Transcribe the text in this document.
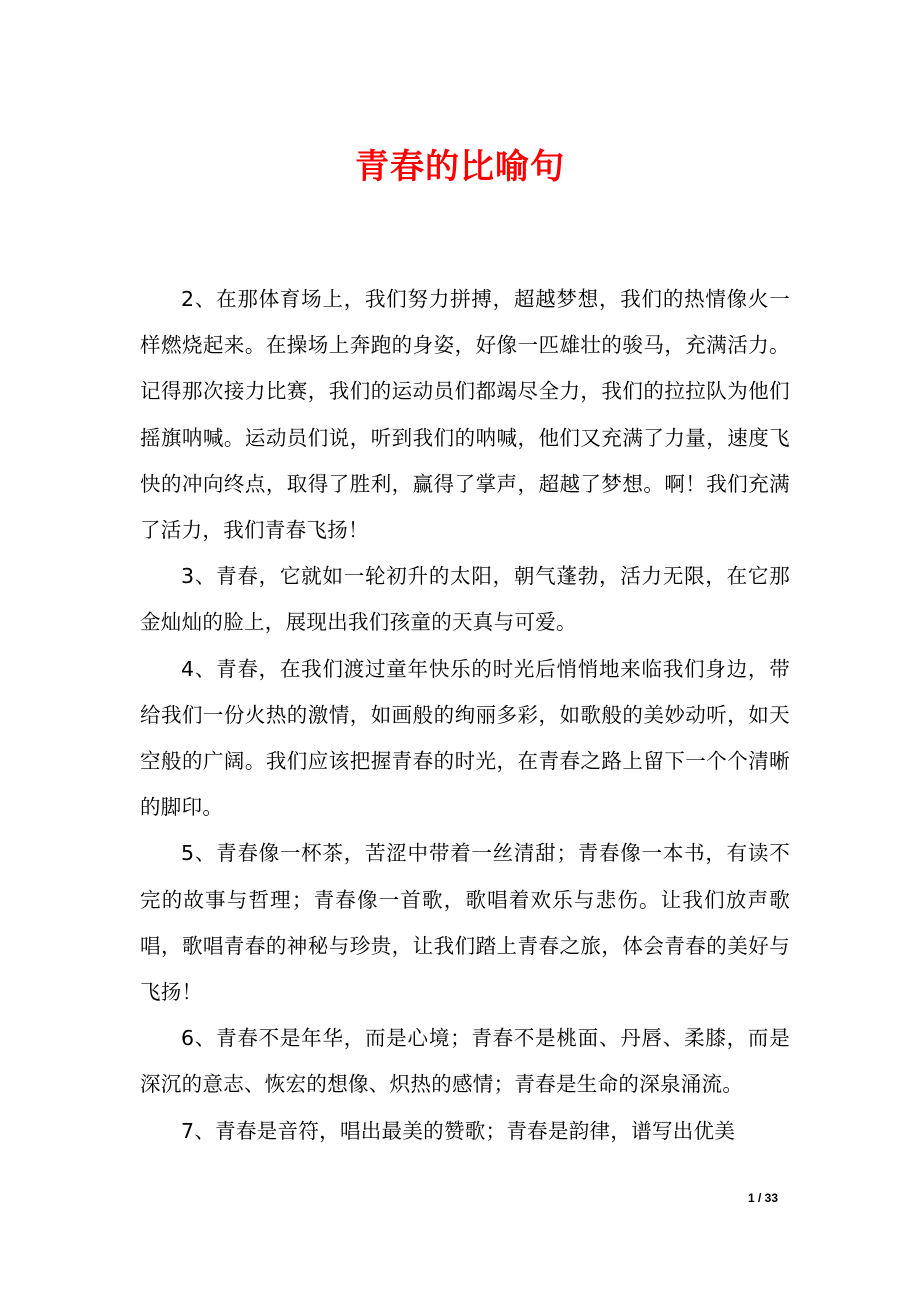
青春的比喻句

2、在那体育场上，我们努力拼搏，超越梦想，我们的热情像火一样燃烧起来。在操场上奔跑的身姿，好像一匹雄壮的骏马，充满活力。记得那次接力比赛，我们的运动员们都竭尽全力，我们的拉拉队为他们摇旗呐喊。运动员们说，听到我们的呐喊，他们又充满了力量，速度飞快的冲向终点，取得了胜利，赢得了掌声，超越了梦想。啊！我们充满了活力，我们青春飞扬！

3、青春，它就如一轮初升的太阳，朝气蓬勃，活力无限，在它那金灿灿的脸上，展现出我们孩童的天真与可爱。

4、青春，在我们渡过童年快乐的时光后悄悄地来临我们身边，带给我们一份火热的激情，如画般的绚丽多彩，如歌般的美妙动听，如天空般的广阔。我们应该把握青春的时光，在青春之路上留下一个个清晰的脚印。

5、青春像一杯茶，苦涩中带着一丝清甜；青春像一本书，有读不完的故事与哲理；青春像一首歌，歌唱着欢乐与悲伤。让我们放声歌唱，歌唱青春的神秘与珍贵，让我们踏上青春之旅，体会青春的美好与飞扬！

6、青春不是年华，而是心境；青春不是桃面、丹唇、柔膝，而是深沉的意志、恢宏的想像、炽热的感情；青春是生命的深泉涌流。

7、青春是音符，唱出最美的赞歌；青春是韵律，谱写出优美

1 / 33
